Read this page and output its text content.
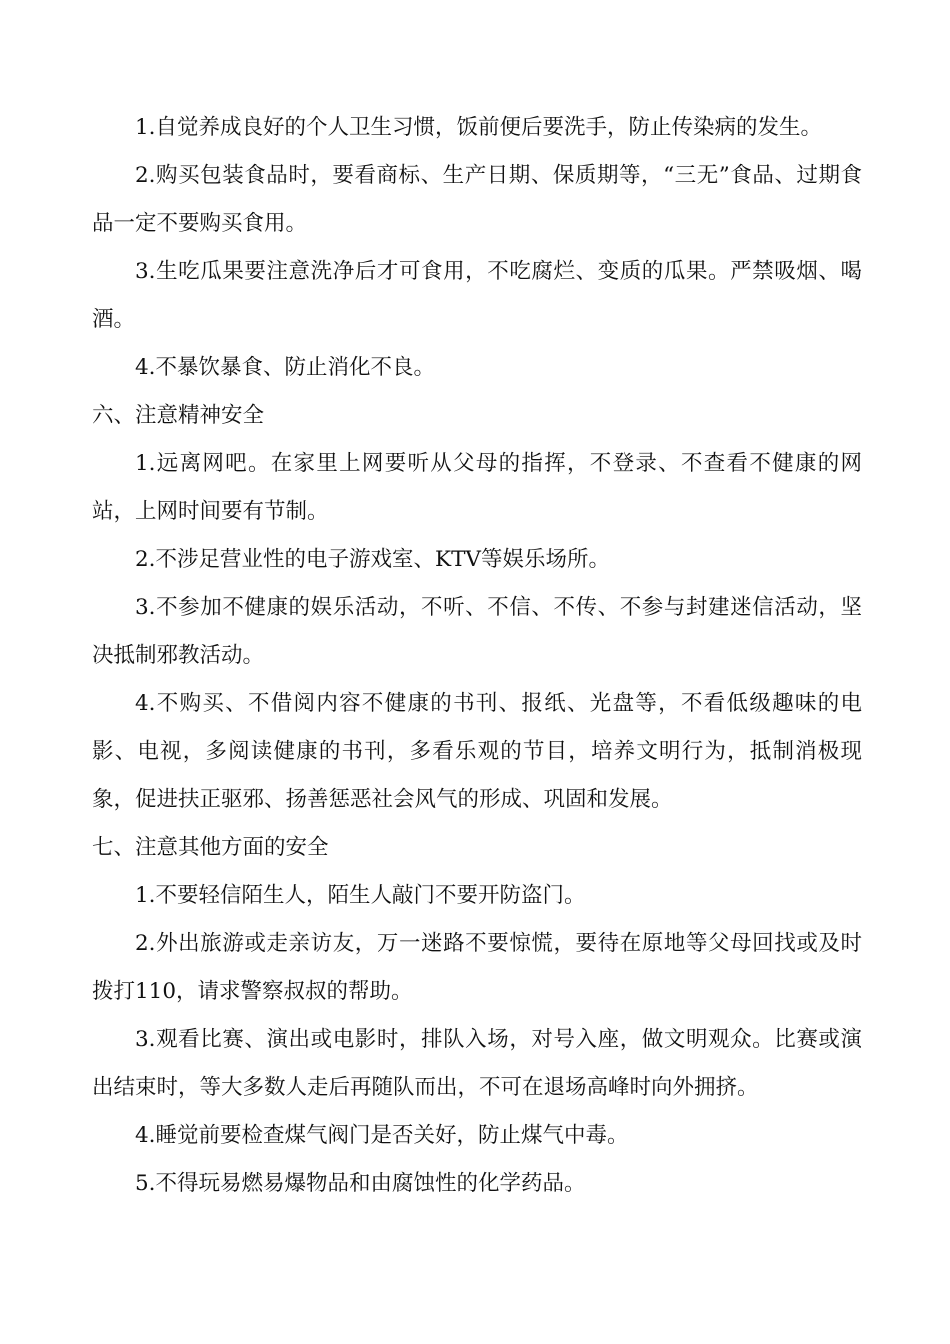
1.自觉养成良好的个人卫生习惯，饭前便后要洗手，防止传染病的发生。

2.购买包装食品时，要看商标、生产日期、保质期等，“三无”食品、过期食品一定不要购买食用。

3.生吃瓜果要注意洗净后才可食用，不吃腐烂、变质的瓜果。严禁吸烟、喝酒。

4.不暴饮暴食、防止消化不良。

六、注意精神安全

1.远离网吧。在家里上网要听从父母的指挥，不登录、不查看不健康的网站，上网时间要有节制。

2.不涉足营业性的电子游戏室、KTV等娱乐场所。

3.不参加不健康的娱乐活动，不听、不信、不传、不参与封建迷信活动，坚决抵制邪教活动。

4.不购买、不借阅内容不健康的书刊、报纸、光盘等，不看低级趣味的电影、电视，多阅读健康的书刊，多看乐观的节目，培养文明行为，抵制消极现象，促进扶正驱邪、扬善惩恶社会风气的形成、巩固和发展。

七、注意其他方面的安全

1.不要轻信陌生人，陌生人敲门不要开防盗门。

2.外出旅游或走亲访友，万一迷路不要惊慌，要待在原地等父母回找或及时拨打110，请求警察叔叔的帮助。

3.观看比赛、演出或电影时，排队入场，对号入座，做文明观众。比赛或演出结束时，等大多数人走后再随队而出，不可在退场高峰时向外拥挤。

4.睡觉前要检查煤气阀门是否关好，防止煤气中毒。

5.不得玩易燃易爆物品和由腐蚀性的化学药品。
